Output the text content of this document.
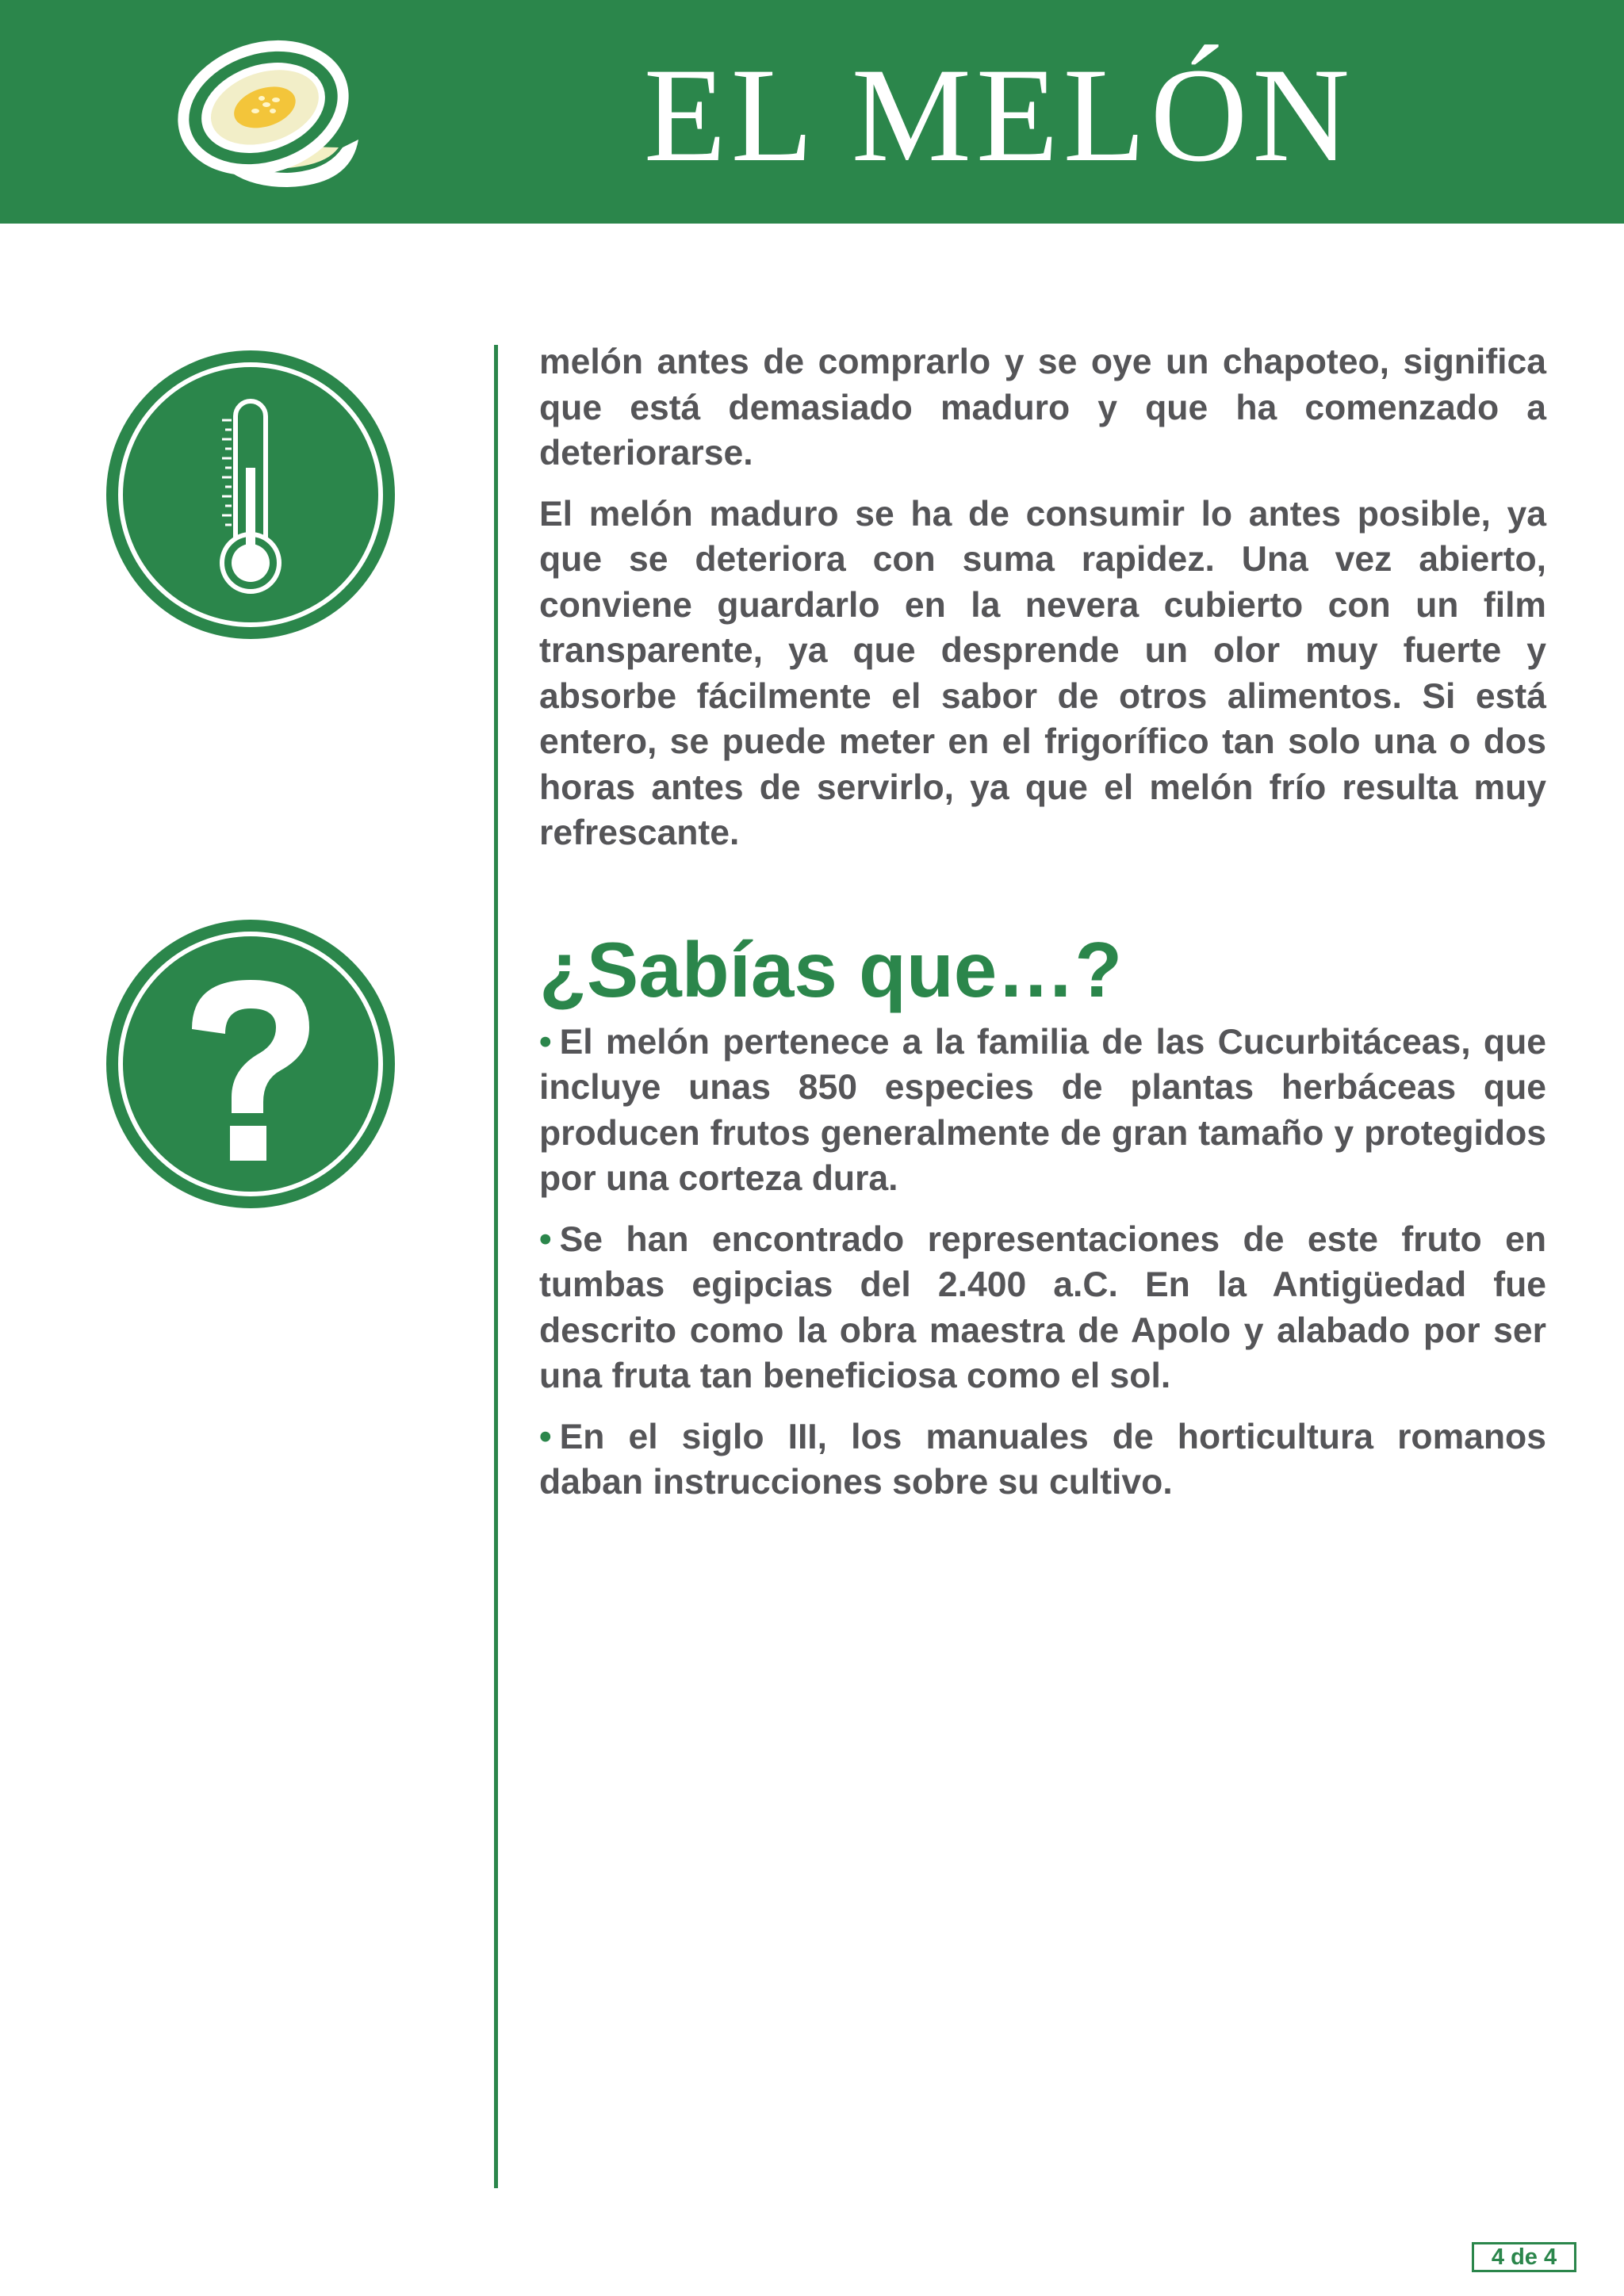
EL MELÓN

melón antes de comprarlo y se oye un chapoteo, significa que está demasiado maduro y que ha comenzado a deteriorarse.

El melón maduro se ha de consumir lo antes posible, ya que se deteriora con suma rapidez. Una vez abierto, conviene guardarlo en la nevera cubierto con un film transparente, ya que desprende un olor muy fuerte y absorbe fácilmente el sabor de otros alimentos. Si está entero, se puede meter en el frigorífico tan solo una o dos horas antes de servirlo, ya que el melón frío resulta muy refrescante.

¿Sabías que…?

• El melón pertenece a la familia de las Cucurbitáceas, que incluye unas 850 especies de plantas herbáceas que producen frutos generalmente de gran tamaño y protegidos por una corteza dura.

• Se han encontrado representaciones de este fruto en tumbas egipcias del 2.400 a.C. En la Antigüedad fue descrito como la obra maestra de Apolo y alabado por ser una fruta tan beneficiosa como el sol.

• En el siglo III, los manuales de horticultura romanos daban instrucciones sobre su cultivo.

4 de 4
